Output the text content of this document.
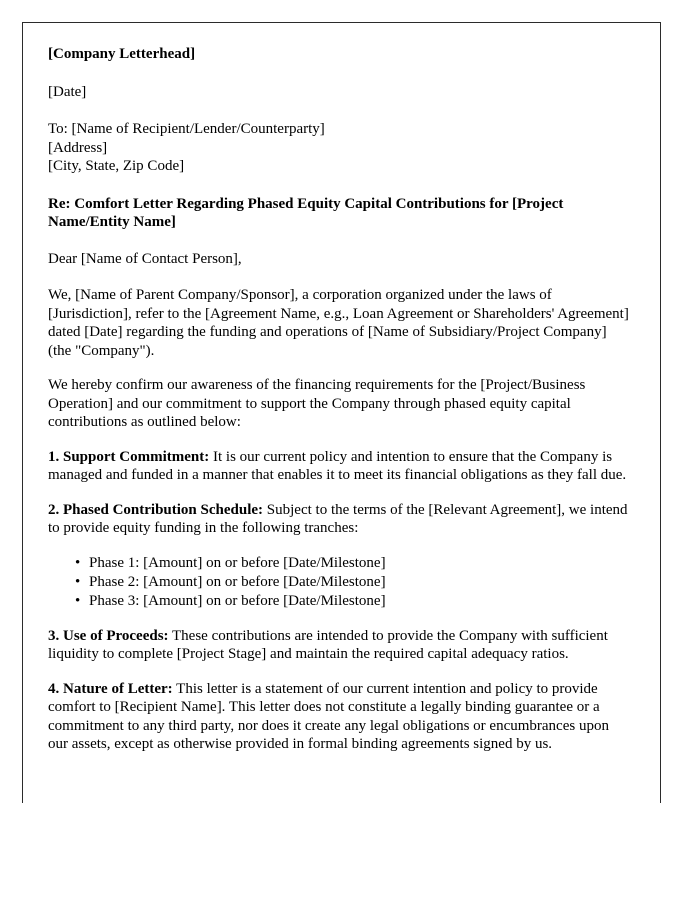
[Company Letterhead]

[Date]

To: [Name of Recipient/Lender/Counterparty]
[Address]
[City, State, Zip Code]

Re: Comfort Letter Regarding Phased Equity Capital Contributions for [Project Name/Entity Name]

Dear [Name of Contact Person],

We, [Name of Parent Company/Sponsor], a corporation organized under the laws of [Jurisdiction], refer to the [Agreement Name, e.g., Loan Agreement or Shareholders' Agreement] dated [Date] regarding the funding and operations of [Name of Subsidiary/Project Company] (the "Company").

We hereby confirm our awareness of the financing requirements for the [Project/Business Operation] and our commitment to support the Company through phased equity capital contributions as outlined below:

1. Support Commitment: It is our current policy and intention to ensure that the Company is managed and funded in a manner that enables it to meet its financial obligations as they fall due.

2. Phased Contribution Schedule: Subject to the terms of the [Relevant Agreement], we intend to provide equity funding in the following tranches:

• Phase 1: [Amount] on or before [Date/Milestone]
• Phase 2: [Amount] on or before [Date/Milestone]
• Phase 3: [Amount] on or before [Date/Milestone]

3. Use of Proceeds: These contributions are intended to provide the Company with sufficient liquidity to complete [Project Stage] and maintain the required capital adequacy ratios.

4. Nature of Letter: This letter is a statement of our current intention and policy to provide comfort to [Recipient Name]. This letter does not constitute a legally binding guarantee or a commitment to any third party, nor does it create any legal obligations or encumbrances upon our assets, except as otherwise provided in formal binding agreements signed by us.
